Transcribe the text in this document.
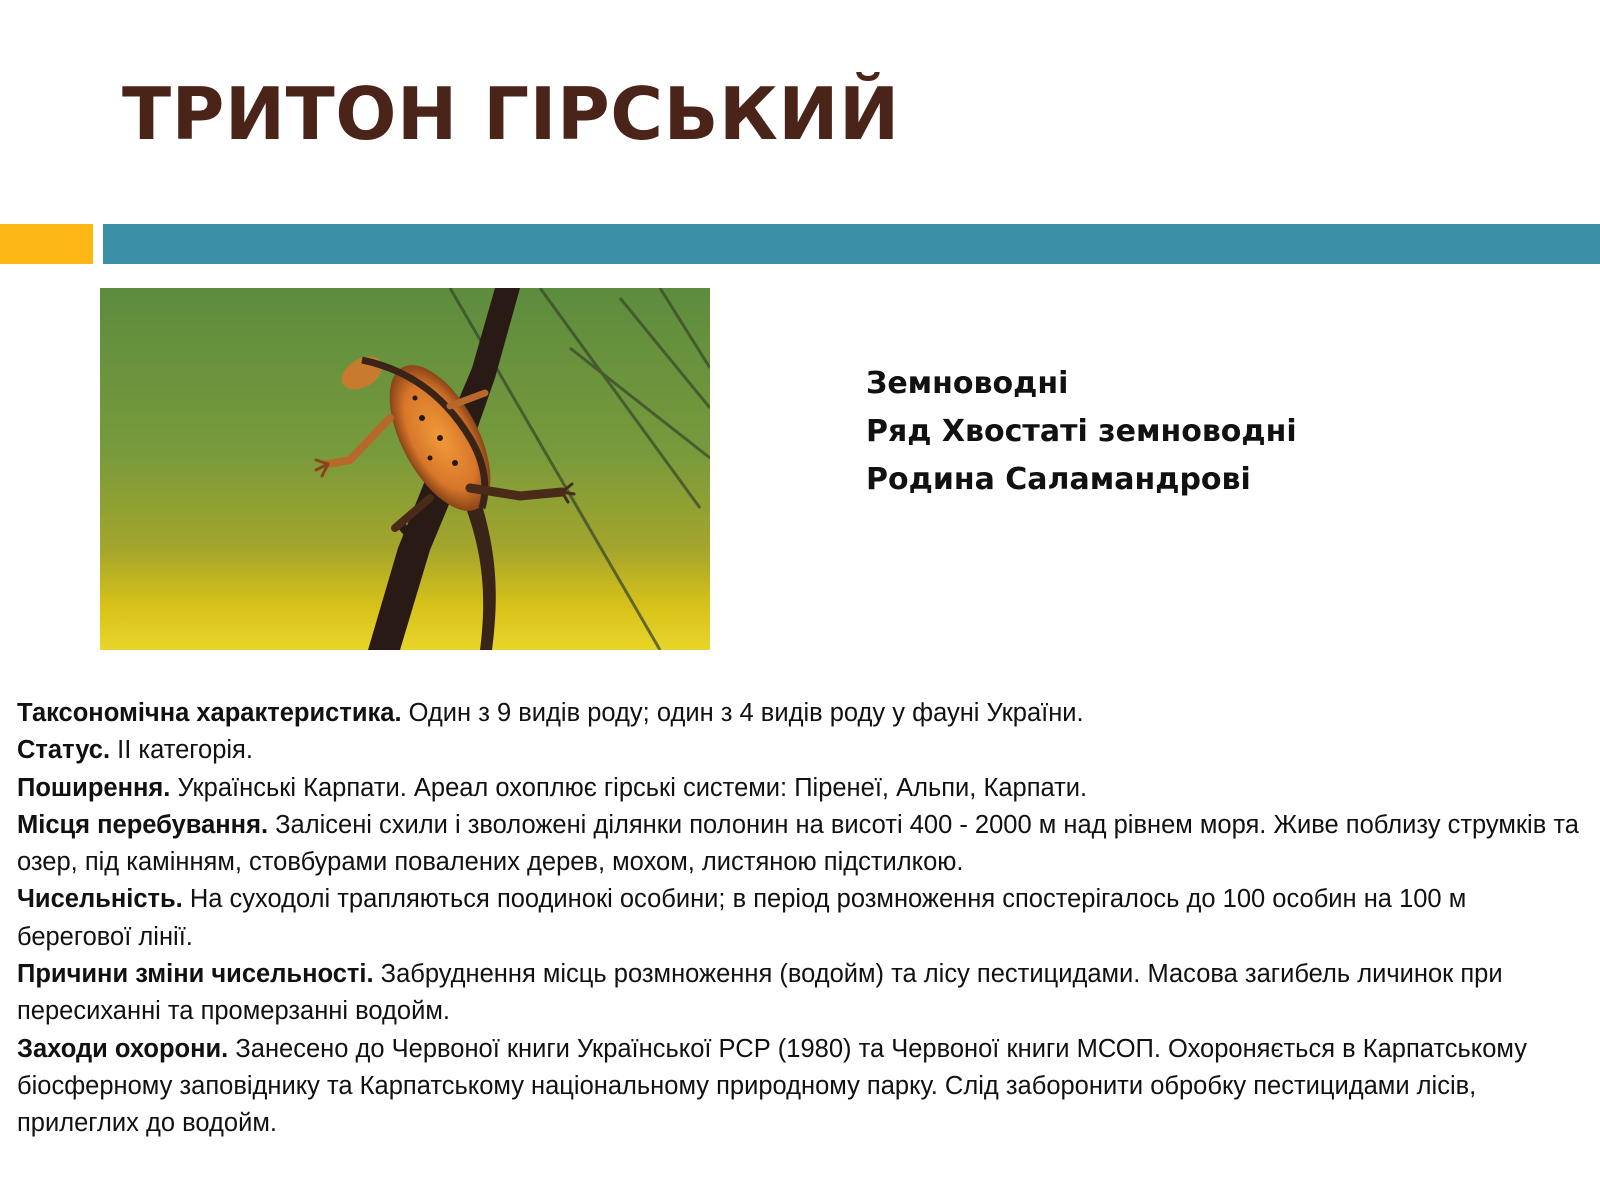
ТРИТОН ГІРСЬКИЙ
Земноводні
Ряд Хвостаті земноводні
Родина Саламандрові

Таксономічна характеристика. Один з 9 видів роду; один з 4 видів роду у фауні України.

Статус. II категорія.

Поширення. Українські Карпати. Ареал охоплює гірські системи: Піренеї, Альпи, Карпати.

Місця перебування. Залісені схили і зволожені ділянки полонин на висоті 400 - 2000 м над рівнем моря. Живе поблизу струмків та озер, під камінням, стовбурами повалених дерев, мохом, листяною підстилкою.

Чисельність. На суходолі трапляються поодинокі особини; в період розмноження спостерігалось до 100 особин на 100 м берегової лінії.

Причини зміни чисельності. Забруднення місць розмноження (водойм) та лісу пестицидами. Масова загибель личинок при пересиханні та промерзанні водойм.

Заходи охорони. Занесено до Червоної книги Української РСР (1980) та Червоної книги МСОП. Охороняється в Карпатському біосферному заповіднику та Карпатському національному природному парку. Слід заборонити обробку пестицидами лісів, прилеглих до водойм.
